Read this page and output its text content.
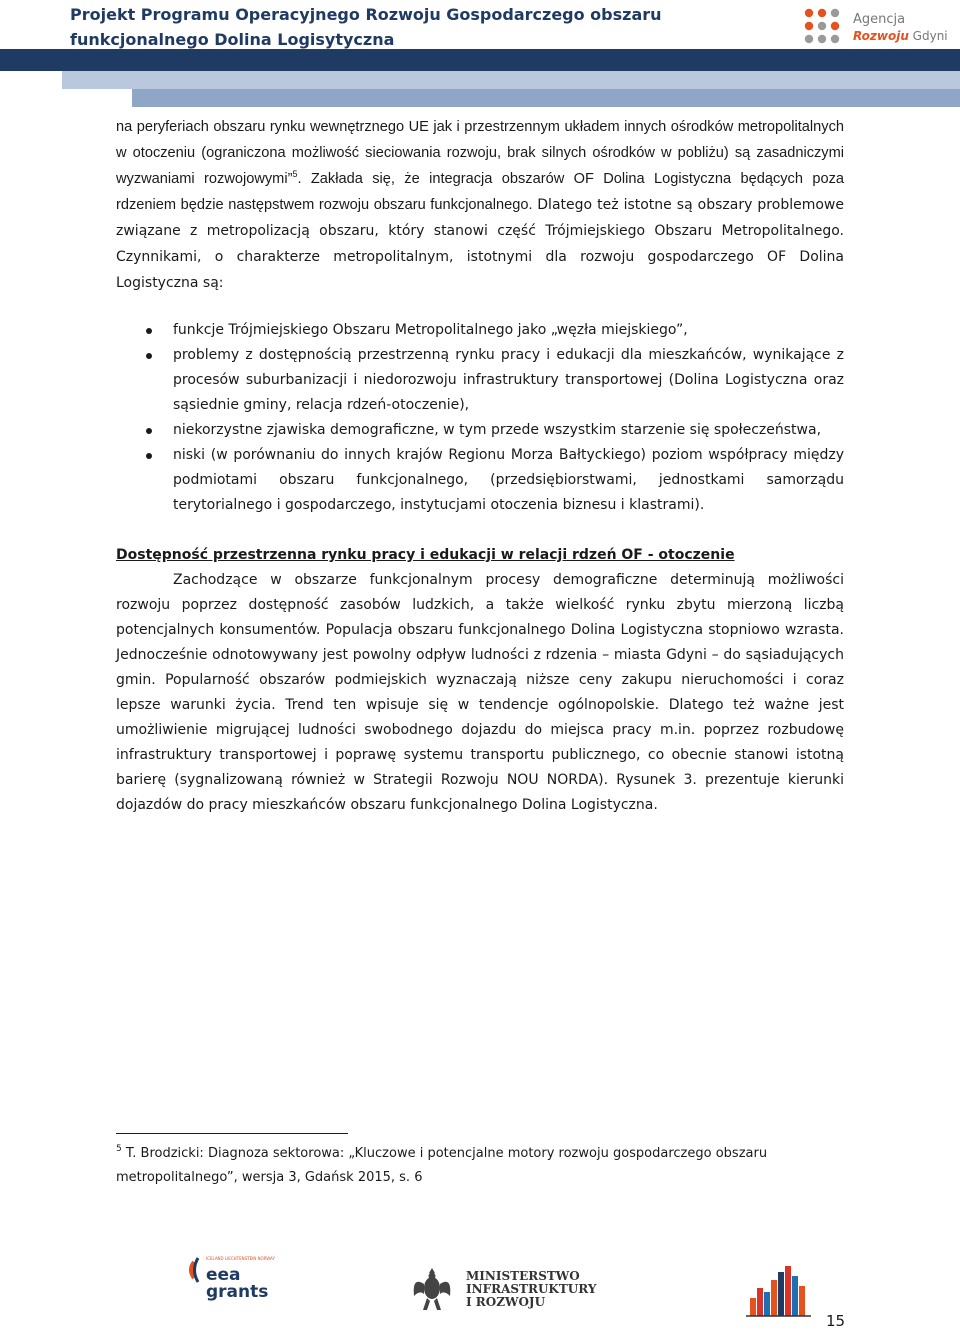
Projekt Programu Operacyjnego Rozwoju Gospodarczego obszaru funkcjonalnego Dolina Logisytyczna
Agencja
Rozwoju Gdyni

na peryferiach obszaru rynku wewnętrznego UE jak i przestrzennym układem innych ośrodków metropolitalnych w otoczeniu (ograniczona możliwość sieciowania rozwoju, brak silnych ośrodków w pobliżu) są zasadniczymi wyzwaniami rozwojowymi”$^5$. Zakłada się, że integracja obszarów OF Dolina Logistyczna będących poza rdzeniem będzie następstwem rozwoju obszaru funkcjonalnego. Dlatego też istotne są obszary problemowe związane z metropolizacją obszaru, który stanowi część Trójmiejskiego Obszaru Metropolitalnego. Czynnikami, o charakterze metropolitalnym, istotnymi dla rozwoju gospodarczego OF Dolina Logistyczna są:

funkcje Trójmiejskiego Obszaru Metropolitalnego jako „węzła miejskiego”,
problemy z dostępnością przestrzenną rynku pracy i edukacji dla mieszkańców, wynikające z procesów suburbanizacji i niedorozwoju infrastruktury transportowej (Dolina Logistyczna oraz sąsiednie gminy, relacja rdzeń-otoczenie),
niekorzystne zjawiska demograficzne, w tym przede wszystkim starzenie się społeczeństwa,
niski (w porównaniu do innych krajów Regionu Morza Bałtyckiego) poziom współpracy między podmiotami obszaru funkcjonalnego, (przedsiębiorstwami, jednostkami samorządu terytorialnego i gospodarczego, instytucjami otoczenia biznesu i klastrami).
Dostępność przestrzenna rynku pracy i edukacji w relacji rdzeń OF - otoczenie

Zachodzące w obszarze funkcjonalnym procesy demograficzne determinują możliwości rozwoju poprzez dostępność zasobów ludzkich, a także wielkość rynku zbytu mierzoną liczbą potencjalnych konsumentów. Populacja obszaru funkcjonalnego Dolina Logistyczna stopniowo wzrasta. Jednocześnie odnotowywany jest powolny odpływ ludności z rdzenia – miasta Gdyni – do sąsiadujących gmin. Popularność obszarów podmiejskich wyznaczają niższe ceny zakupu nieruchomości i coraz lepsze warunki życia. Trend ten wpisuje się w tendencje ogólnopolskie. Dlatego też ważne jest umożliwienie migrującej ludności swobodnego dojazdu do miejsca pracy m.in. poprzez rozbudowę infrastruktury transportowej i poprawę systemu transportu publicznego, co obecnie stanowi istotną barierę (sygnalizowaną również w Strategii Rozwoju NOU NORDA). Rysunek 3. prezentuje kierunki dojazdów do pracy mieszkańców obszaru funkcjonalnego Dolina Logistyczna.

$^5$ T. Brodzicki: Diagnoza sektorowa: „Kluczowe i potencjalne motory rozwoju gospodarczego obszaru metropolitalnego”, wersja 3, Gdańsk 2015, s. 6
ICELAND LIECHTENSTEIN NORWAY
eea
grants
MINISTERSTWO
INFRASTRUKTURY
I ROZWOJU
15
